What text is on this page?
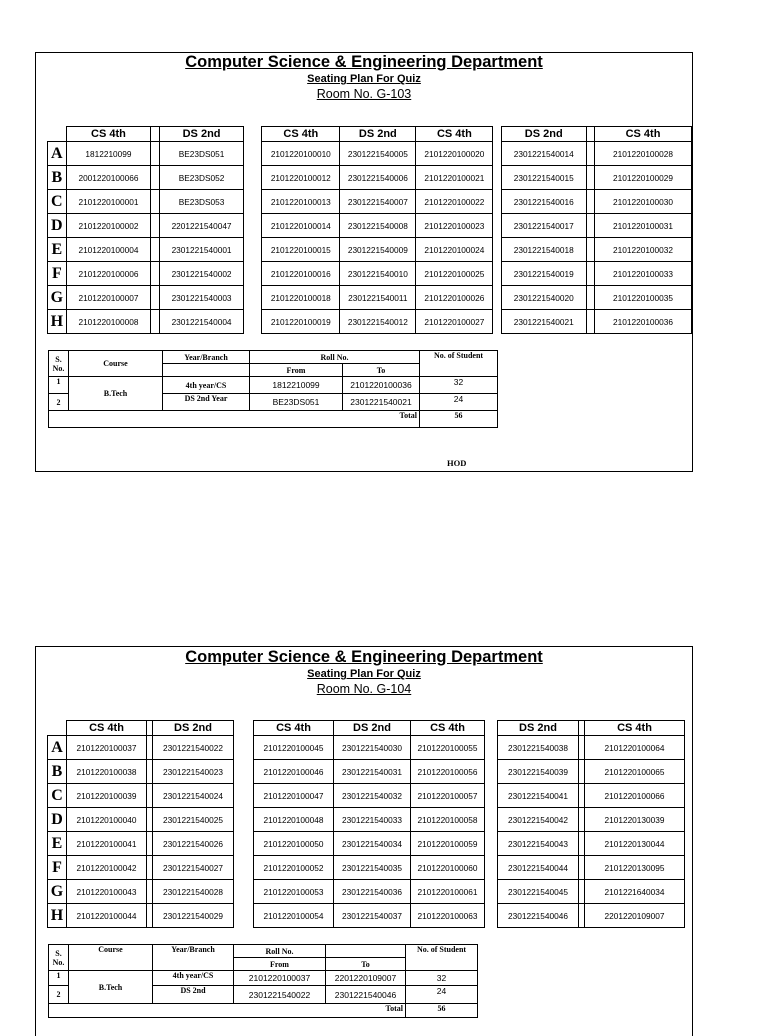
Computer Science & Engineering Department
Seating Plan For Quiz
Room No. G-103
	CS 4th		DS 2nd		CS 4th	DS 2nd	CS 4th		DS 2nd		CS 4th
A	1812210099		BE23DS051		2101220100010	2301221540005	2101220100020		2301221540014		2101220100028
B	2001220100066		BE23DS052		2101220100012	2301221540006	2101220100021		2301221540015		2101220100029
C	2101220100001		BE23DS053		2101220100013	2301221540007	2101220100022		2301221540016		2101220100030
D	2101220100002		2201221540047		2101220100014	2301221540008	2101220100023		2301221540017		2101220100031
E	2101220100004		2301221540001		2101220100015	2301221540009	2101220100024		2301221540018		2101220100032
F	2101220100006		2301221540002		2101220100016	2301221540010	2101220100025		2301221540019		2101220100033
G	2101220100007		2301221540003		2101220100018	2301221540011	2101220100026		2301221540020		2101220100035
H	2101220100008		2301221540004		2101220100019	2301221540012	2101220100027		2301221540021		2101220100036
S. No.	Course	Year/Branch	Roll No.		No. of Student
			From	To	
1	B.Tech	4th year/CS	1812210099	2101220100036	32
2		DS 2nd Year	BE23DS051	2301221540021	24
Total					56
HOD
Computer Science & Engineering Department
Seating Plan For Quiz
Room No. G-104
	CS 4th		DS 2nd		CS 4th	DS 2nd	CS 4th		DS 2nd		CS 4th
A	2101220100037		2301221540022		2101220100045	2301221540030	2101220100055		2301221540038		2101220100064
B	2101220100038		2301221540023		2101220100046	2301221540031	2101220100056		2301221540039		2101220100065
C	2101220100039		2301221540024		2101220100047	2301221540032	2101220100057		2301221540041		2101220100066
D	2101220100040		2301221540025		2101220100048	2301221540033	2101220100058		2301221540042		2101220130039
E	2101220100041		2301221540026		2101220100050	2301221540034	2101220100059		2301221540043		2101220130044
F	2101220100042		2301221540027		2101220100052	2301221540035	2101220100060		2301221540044		2101220130095
G	2101220100043		2301221540028		2101220100053	2301221540036	2101220100061		2301221540045		2101221640034
H	2101220100044		2301221540029		2101220100054	2301221540037	2101220100063		2301221540046		2201220109007
S. No.	Course	Year/Branch	Roll No.		No. of Student
			From	To	
1	B.Tech	4th year/CS	2101220100037	2201220109007	32
2		DS 2nd	2301221540022	2301221540046	24
Total					56
